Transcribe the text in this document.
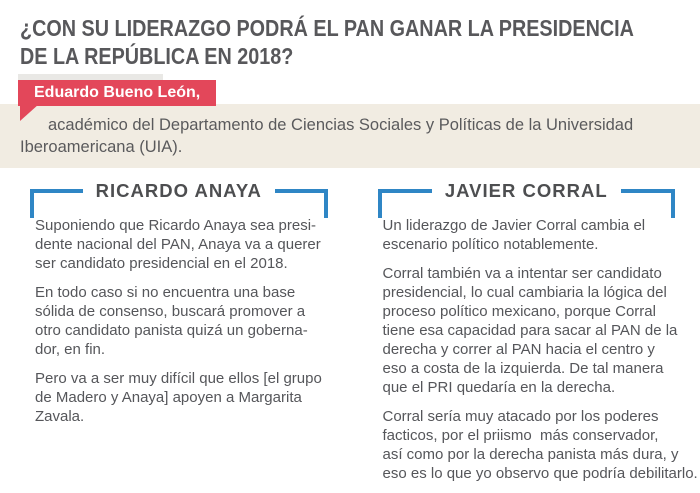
¿CON SU LIDERAZGO PODRÁ EL PAN GANAR LA PRESIDENCIA
DE LA REPÚBLICA EN 2018?
Eduardo Bueno León,

académico del Departamento de Ciencias Sociales y Políticas de la Universidad
Iberoamericana (UIA).

RICARDO ANAYA

Suponiendo que Ricardo Anaya sea presi-
dente nacional del PAN, Anaya va a querer
ser candidato presidencial en el 2018.

En todo caso si no encuentra una base
sólida de consenso, buscará promover a
otro candidato panista quizá un goberna-
dor, en fin.

Pero va a ser muy difícil que ellos [el grupo
de Madero y Anaya] apoyen a Margarita
Zavala.

JAVIER CORRAL

Un liderazgo de Javier Corral cambia el
escenario político notablemente.

Corral también va a intentar ser candidato
presidencial, lo cual cambiaria la lógica del
proceso político mexicano, porque Corral
tiene esa capacidad para sacar al PAN de la
derecha y correr al PAN hacia el centro y
eso a costa de la izquierda. De tal manera
que el PRI quedaría en la derecha.

Corral sería muy atacado por los poderes
facticos, por el priismo  más conservador,
así como por la derecha panista más dura, y
eso es lo que yo observo que podría debilitarlo.
